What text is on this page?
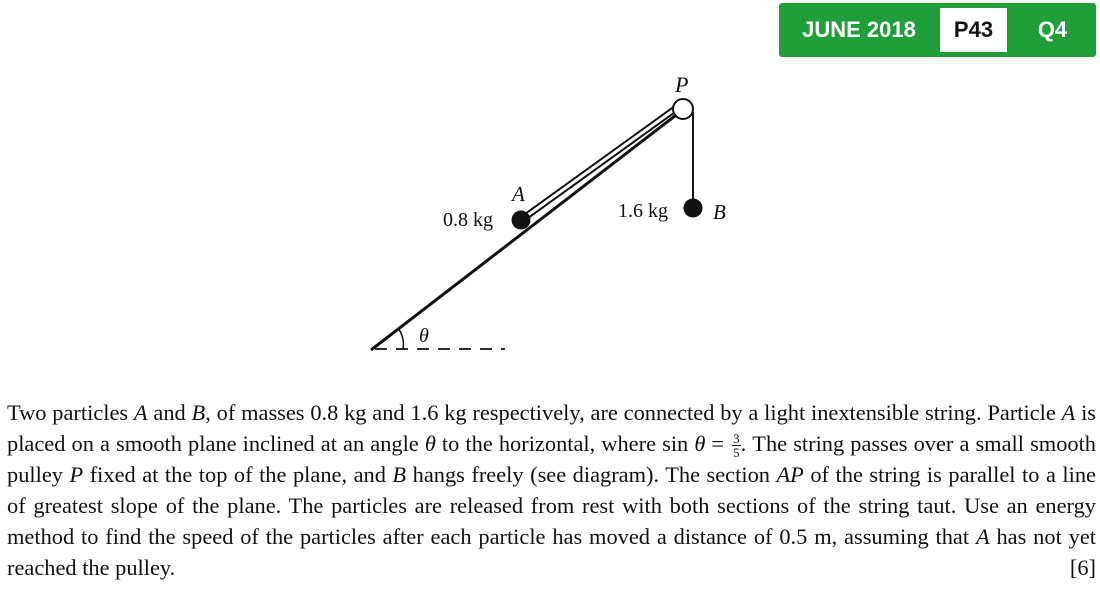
JUNE 2018	P43	Q4
θ
P
A
B
0.8 kg	1.6 kg

Two particles A and B, of masses 0.8 kg and 1.6 kg respectively, are connected by a light inextensible string. Particle A is placed on a smooth plane inclined at an angle θ to the horizontal, where $\sin \theta = \frac{3}{5}$ . The string passes over a small smooth pulley P fixed at the top of the plane, and B hangs freely (see diagram). The section AP of the string is parallel to a line of greatest slope of the plane. The particles are released from rest with both sections of the string taut. Use an energy method to find the speed of the particles after each particle has moved a distance of 0.5 m, assuming that A has not yet reached the pulley.	[6]
